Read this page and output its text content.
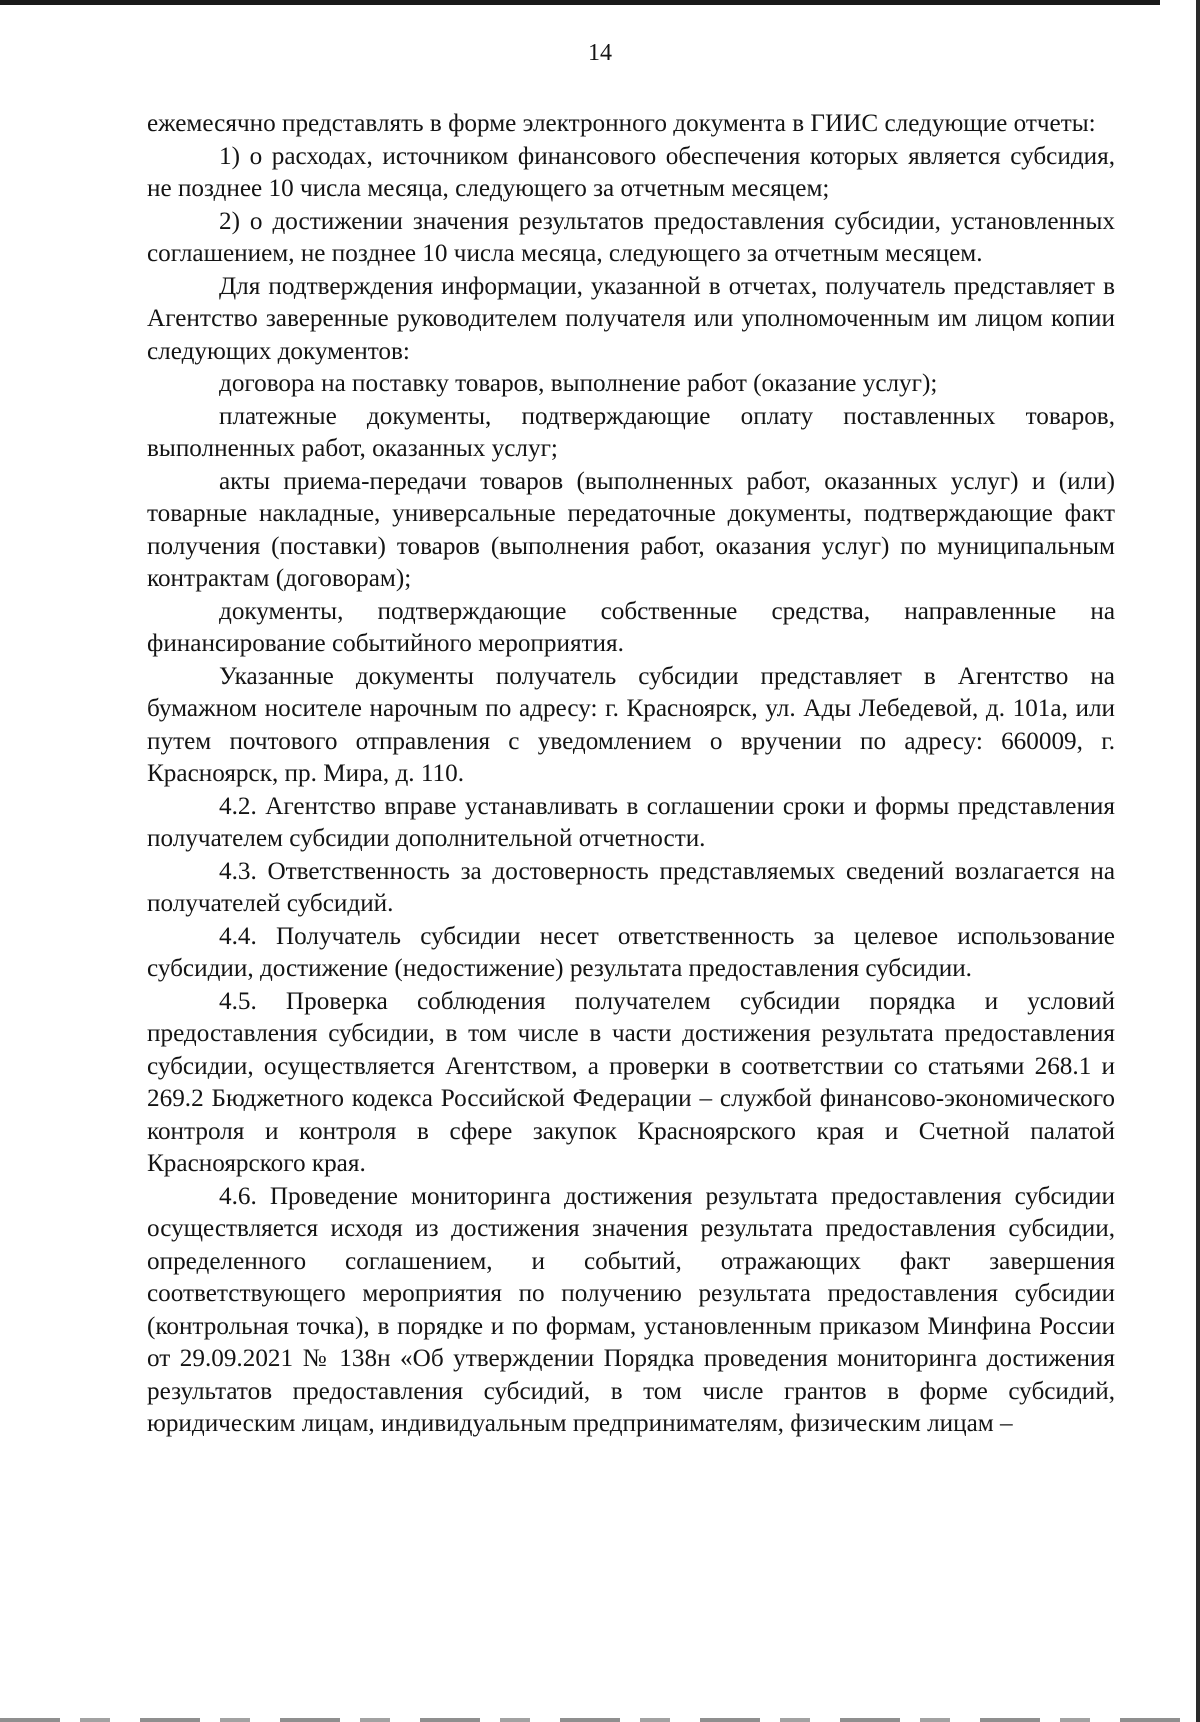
14

ежемесячно представлять в форме электронного документа в ГИИС следующие отчеты:

1) о расходах, источником финансового обеспечения которых является субсидия, не позднее 10 числа месяца, следующего за отчетным месяцем;

2) о достижении значения результатов предоставления субсидии, установленных соглашением, не позднее 10 числа месяца, следующего за отчетным месяцем.

Для подтверждения информации, указанной в отчетах, получатель представляет в Агентство заверенные руководителем получателя или уполномоченным им лицом копии следующих документов:

договора на поставку товаров, выполнение работ (оказание услуг);

платежные документы, подтверждающие оплату поставленных товаров, выполненных работ, оказанных услуг;

акты приема-передачи товаров (выполненных работ, оказанных услуг) и (или) товарные накладные, универсальные передаточные документы, подтверждающие факт получения (поставки) товаров (выполнения работ, оказания услуг) по муниципальным контрактам (договорам);

документы, подтверждающие собственные средства, направленные на финансирование событийного мероприятия.

Указанные документы получатель субсидии представляет в Агентство на бумажном носителе нарочным по адресу: г. Красноярск, ул. Ады Лебедевой, д. 101а, или путем почтового отправления с уведомлением о вручении по адресу: 660009, г. Красноярск, пр. Мира, д. 110.

4.2. Агентство вправе устанавливать в соглашении сроки и формы представления получателем субсидии дополнительной отчетности.

4.3. Ответственность за достоверность представляемых сведений возлагается на получателей субсидий.

4.4. Получатель субсидии несет ответственность за целевое использование субсидии, достижение (недостижение) результата предоставления субсидии.

4.5. Проверка соблюдения получателем субсидии порядка и условий предоставления субсидии, в том числе в части достижения результата предоставления субсидии, осуществляется Агентством, а проверки в соответствии со статьями 268.1 и 269.2 Бюджетного кодекса Российской Федерации – службой финансово-экономического контроля и контроля в сфере закупок Красноярского края и Счетной палатой Красноярского края.

4.6. Проведение мониторинга достижения результата предоставления субсидии осуществляется исходя из достижения значения результата предоставления субсидии, определенного соглашением, и событий, отражающих факт завершения соответствующего мероприятия по получению результата предоставления субсидии (контрольная точка), в порядке и по формам, установленным приказом Минфина России от 29.09.2021 № 138н «Об утверждении Порядка проведения мониторинга достижения результатов предоставления субсидий, в том числе грантов в форме субсидий, юридическим лицам, индивидуальным предпринимателям, физическим лицам –
